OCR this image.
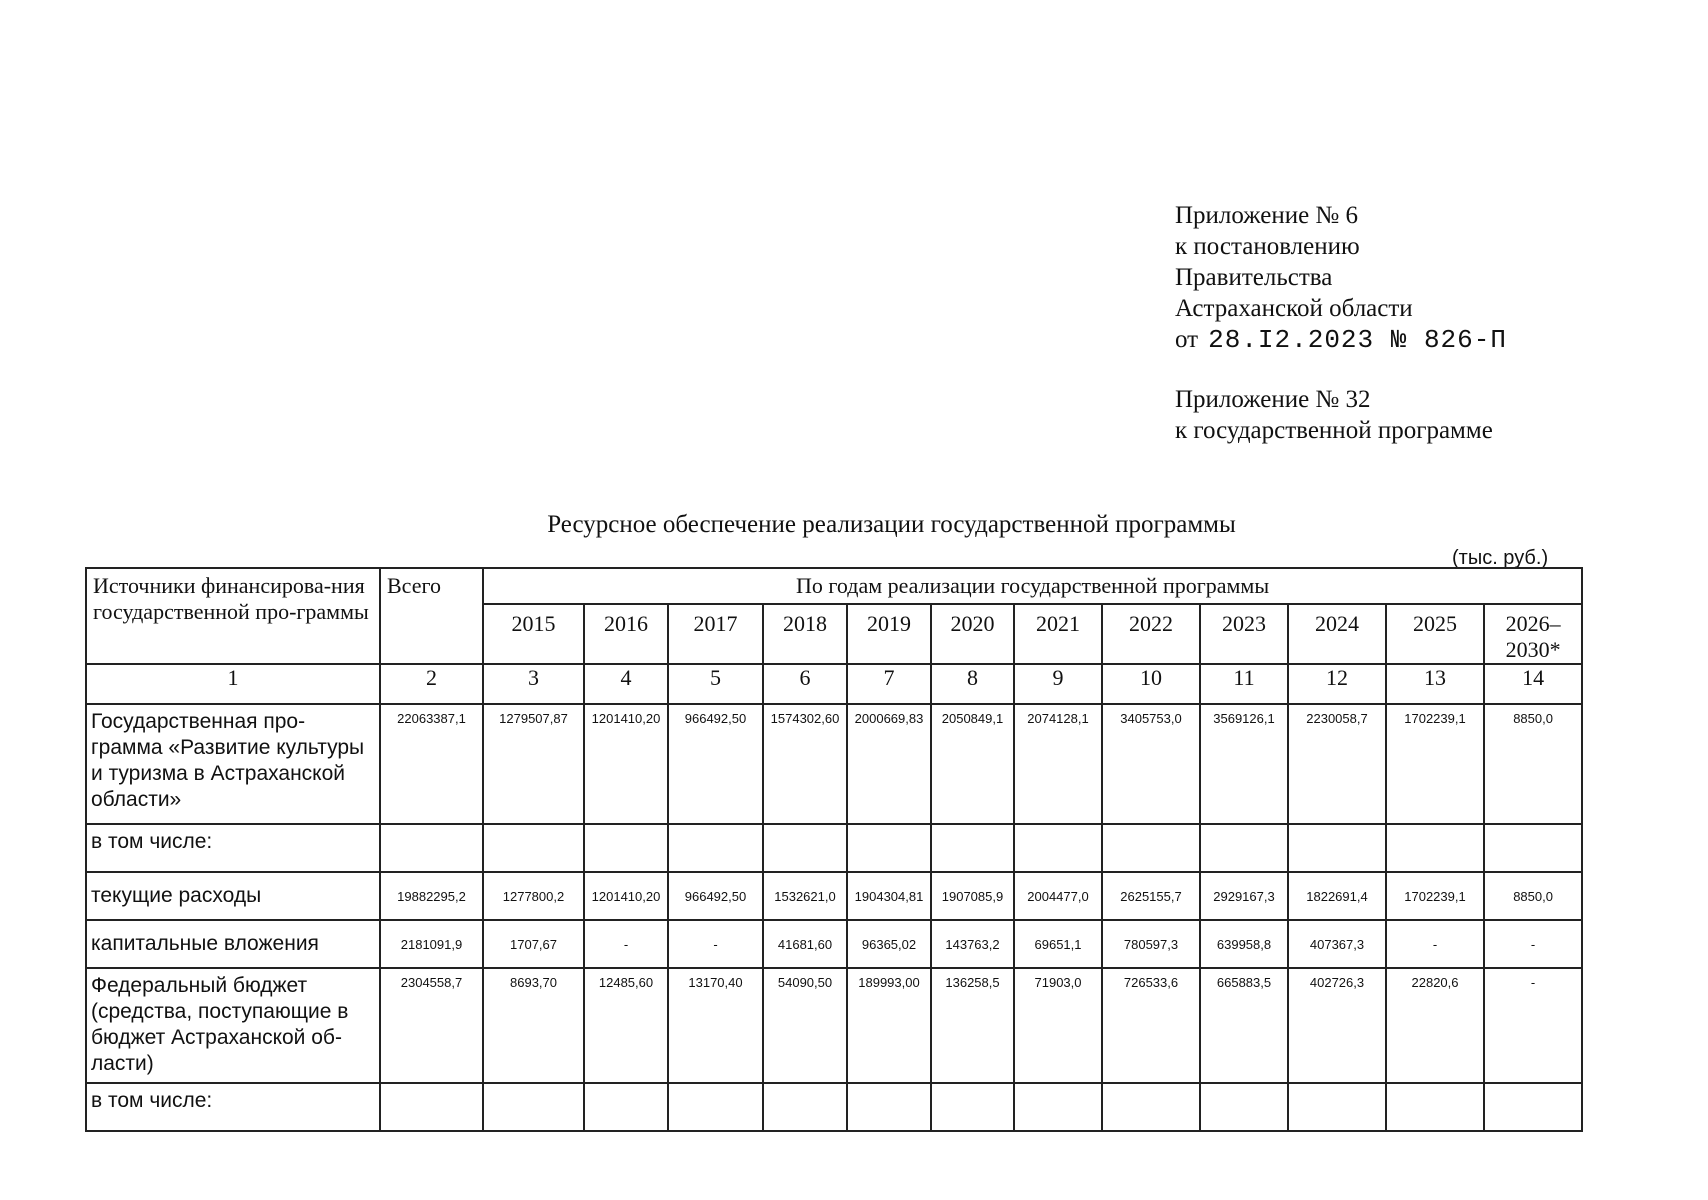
Приложение № 6
к постановлению
Правительства
Астраханской области
от 28.I2.2023 № 826-П
Приложение № 32
к государственной программе
Ресурсное обеспечение реализации государственной программы
(тыс. руб.)
Источники финансирова-ния государственной про-граммы	Всего	По годам реализации государственной программы											
		2015	2016	2017	2018	2019	2020	2021	2022	2023	2024	2025	2026–2030*
1	2	3	4	5	6	7	8	9	10	11	12	13	14
Государственная про-грамма «Развитие культуры и туризма в Астраханской области»	22063387,1	1279507,87	1201410,20	966492,50	1574302,60	2000669,83	2050849,1	2074128,1	3405753,0	3569126,1	2230058,7	1702239,1	8850,0
в том числе:													
текущие расходы	19882295,2	1277800,2	1201410,20	966492,50	1532621,0	1904304,81	1907085,9	2004477,0	2625155,7	2929167,3	1822691,4	1702239,1	8850,0
капитальные вложения	2181091,9	1707,67	-	-	41681,60	96365,02	143763,2	69651,1	780597,3	639958,8	407367,3	-	-
Федеральный бюджет (средства, поступающие в бюджет Астраханской об-ласти)	2304558,7	8693,70	12485,60	13170,40	54090,50	189993,00	136258,5	71903,0	726533,6	665883,5	402726,3	22820,6	-
в том числе:													
